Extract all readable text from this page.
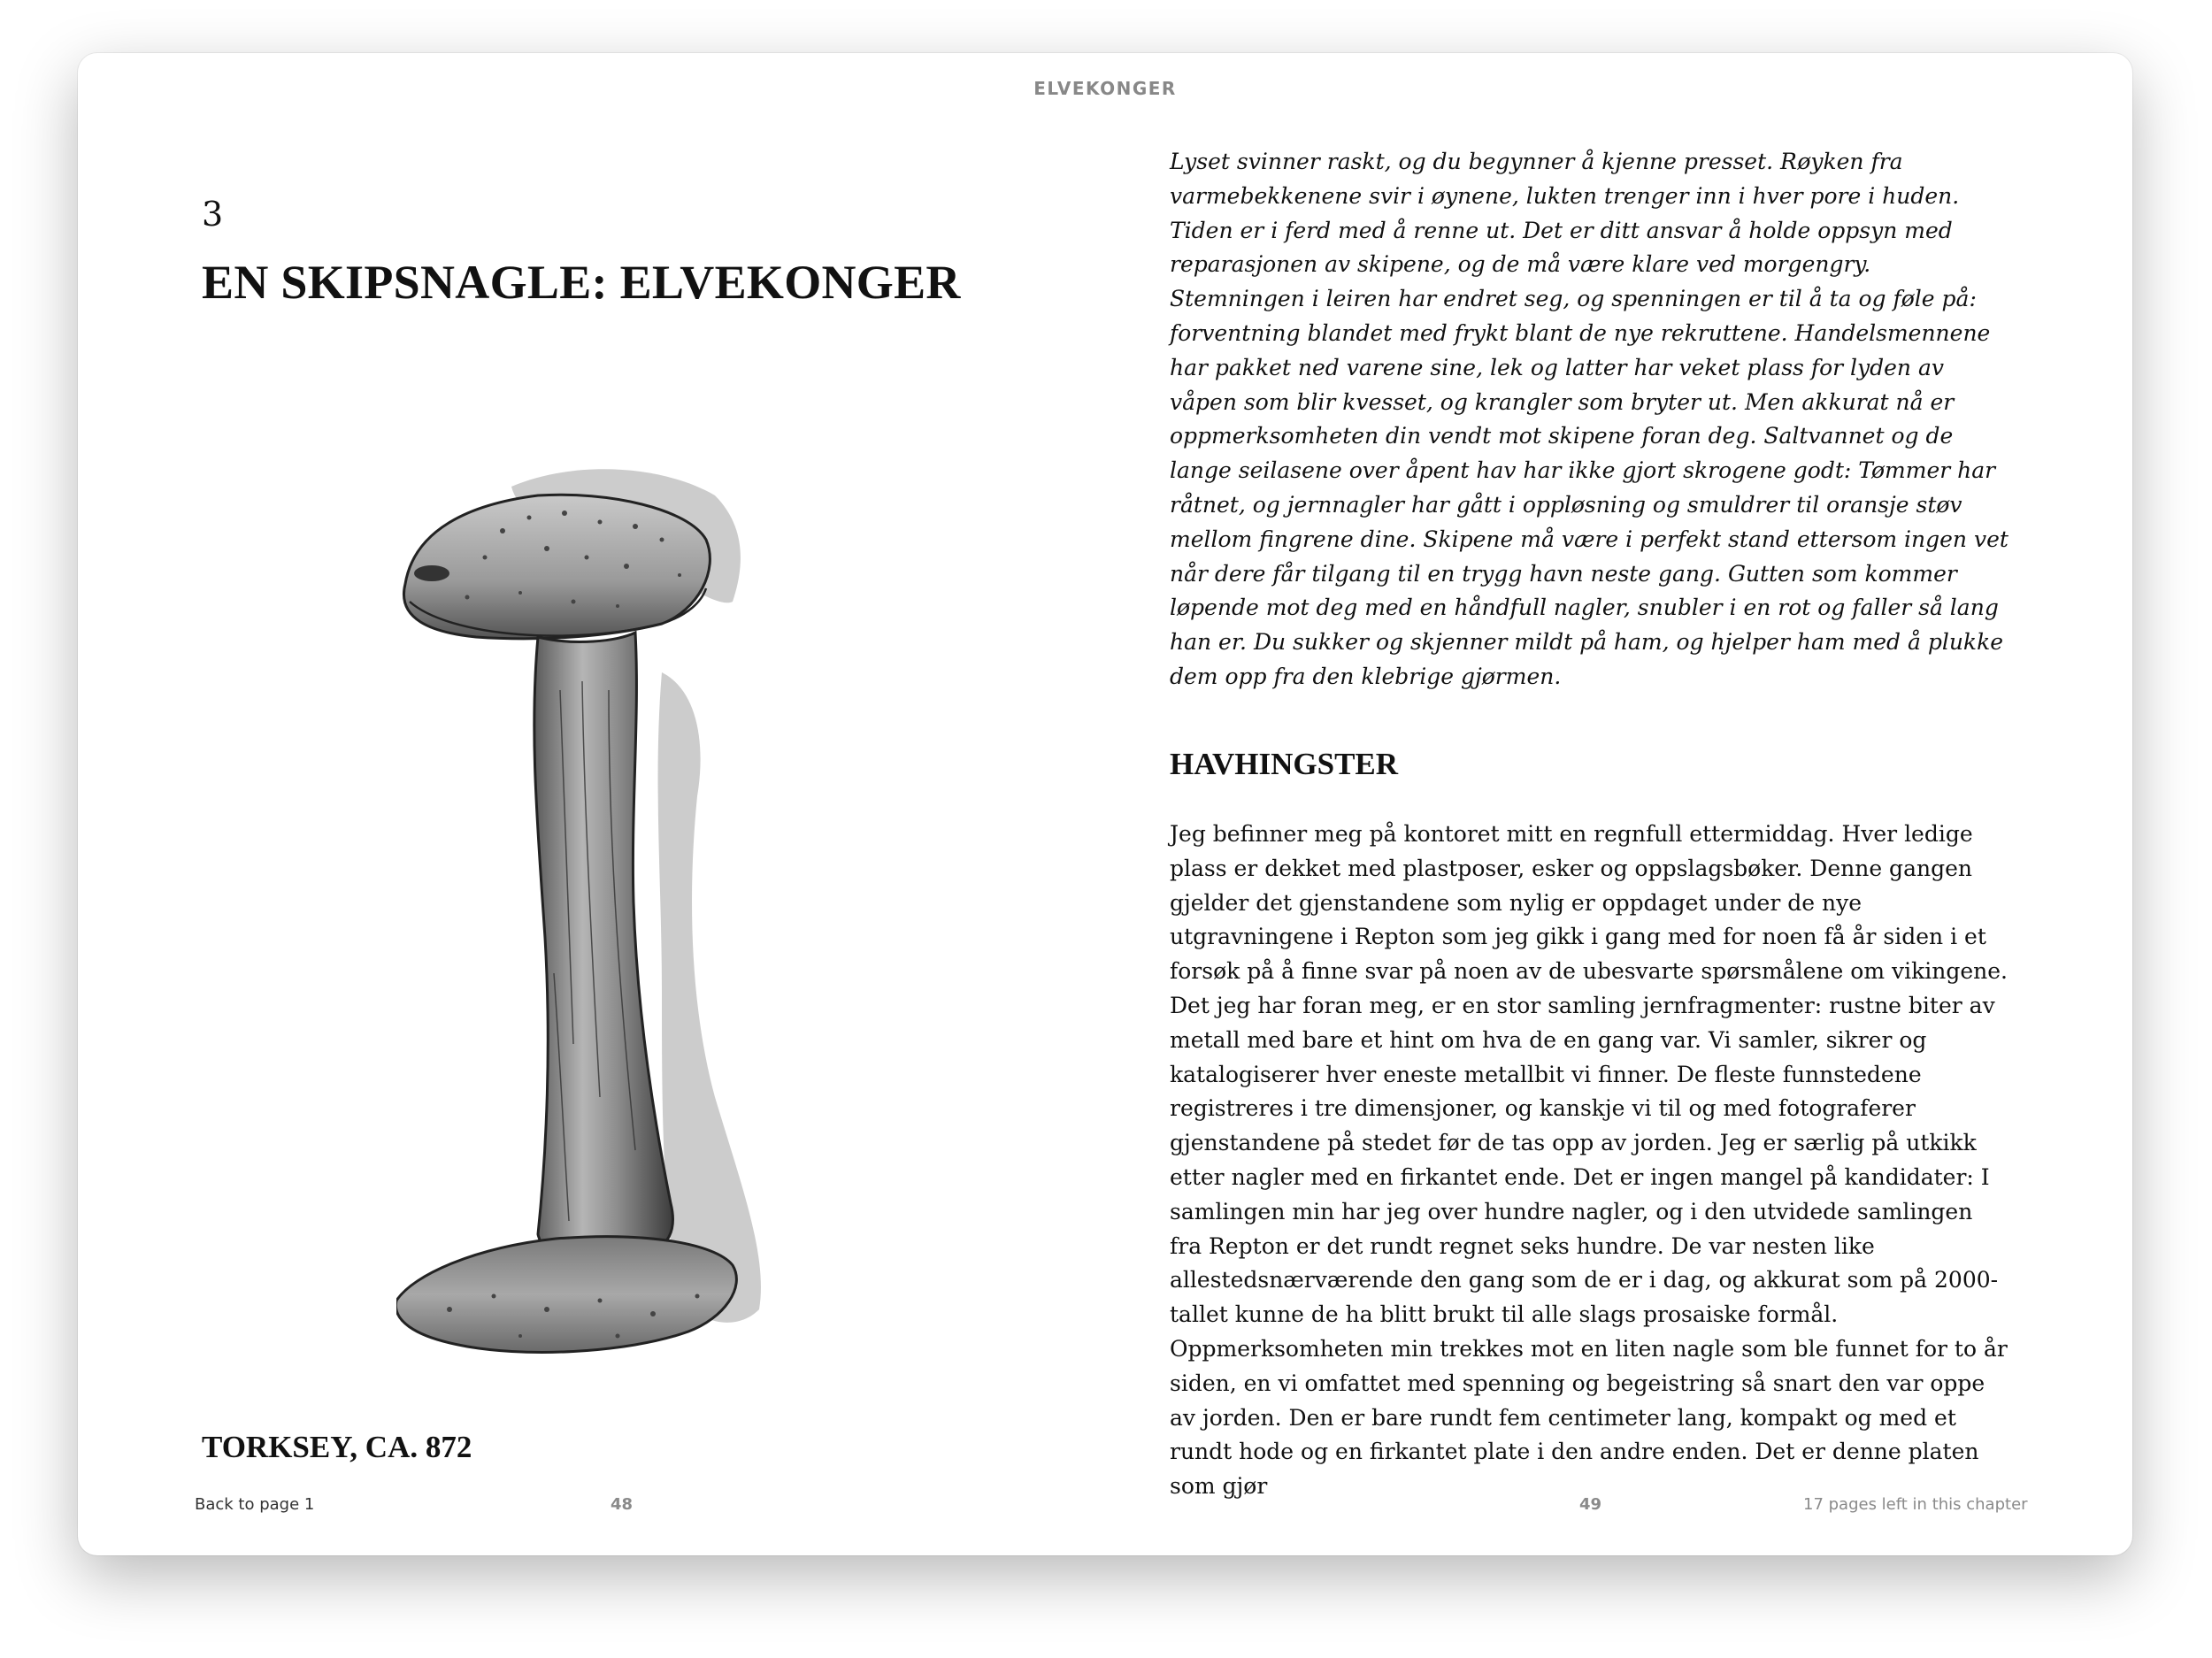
ELVEKONGER
3
EN SKIPSNAGLE: ELVEKONGER
TORKSEY, CA. 872

Lyset svinner raskt, og du begynner å kjenne presset. Røyken fra varmebekkenene svir i øynene, lukten trenger inn i hver pore i huden. Tiden er i ferd med å renne ut. Det er ditt ansvar å holde oppsyn med reparasjonen av skipene, og de må være klare ved morgengry. Stemningen i leiren har endret seg, og spenningen er til å ta og føle på: forventning blandet med frykt blant de nye rekruttene. Handelsmennene har pakket ned varene sine, lek og latter har veket plass for lyden av våpen som blir kvesset, og krangler som bryter ut. Men akkurat nå er oppmerksomheten din vendt mot skipene foran deg. Saltvannet og de lange seilasene over åpent hav har ikke gjort skrogene godt: Tømmer har råtnet, og jernnagler har gått i oppløsning og smuldrer til oransje støv mellom fingrene dine. Skipene må være i perfekt stand ettersom ingen vet når dere får tilgang til en trygg havn neste gang. Gutten som kommer løpende mot deg med en håndfull nagler, snubler i en rot og faller så lang han er. Du sukker og skjenner mildt på ham, og hjelper ham med å plukke dem opp fra den klebrige gjørmen.

HAVHINGSTER

Jeg befinner meg på kontoret mitt en regnfull ettermiddag. Hver ledige plass er dekket med plastposer, esker og oppslagsbøker. Denne gangen gjelder det gjenstandene som nylig er oppdaget under de nye utgravningene i Repton som jeg gikk i gang med for noen få år siden i et forsøk på å finne svar på noen av de ubesvarte spørsmålene om vikingene. Det jeg har foran meg, er en stor samling jernfragmenter: rustne biter av metall med bare et hint om hva de en gang var. Vi samler, sikrer og katalogiserer hver eneste metallbit vi finner. De fleste funnstedene registreres i tre dimensjoner, og kanskje vi til og med fotograferer gjenstandene på stedet før de tas opp av jorden. Jeg er særlig på utkikk etter nagler med en firkantet ende. Det er ingen mangel på kandidater: I samlingen min har jeg over hundre nagler, og i den utvidede samlingen fra Repton er det rundt regnet seks hundre. De var nesten like allestedsnærværende den gang som de er i dag, og akkurat som på 2000-tallet kunne de ha blitt brukt til alle slags prosaiske formål. Oppmerksomheten min trekkes mot en liten nagle som ble funnet for to år siden, en vi omfattet med spenning og begeistring så snart den var oppe av jorden. Den er bare rundt fem centimeter lang, kompakt og med et rundt hode og en firkantet plate i den andre enden. Det er denne platen som gjør

Back to page 1	48	49	17 pages left in this chapter
